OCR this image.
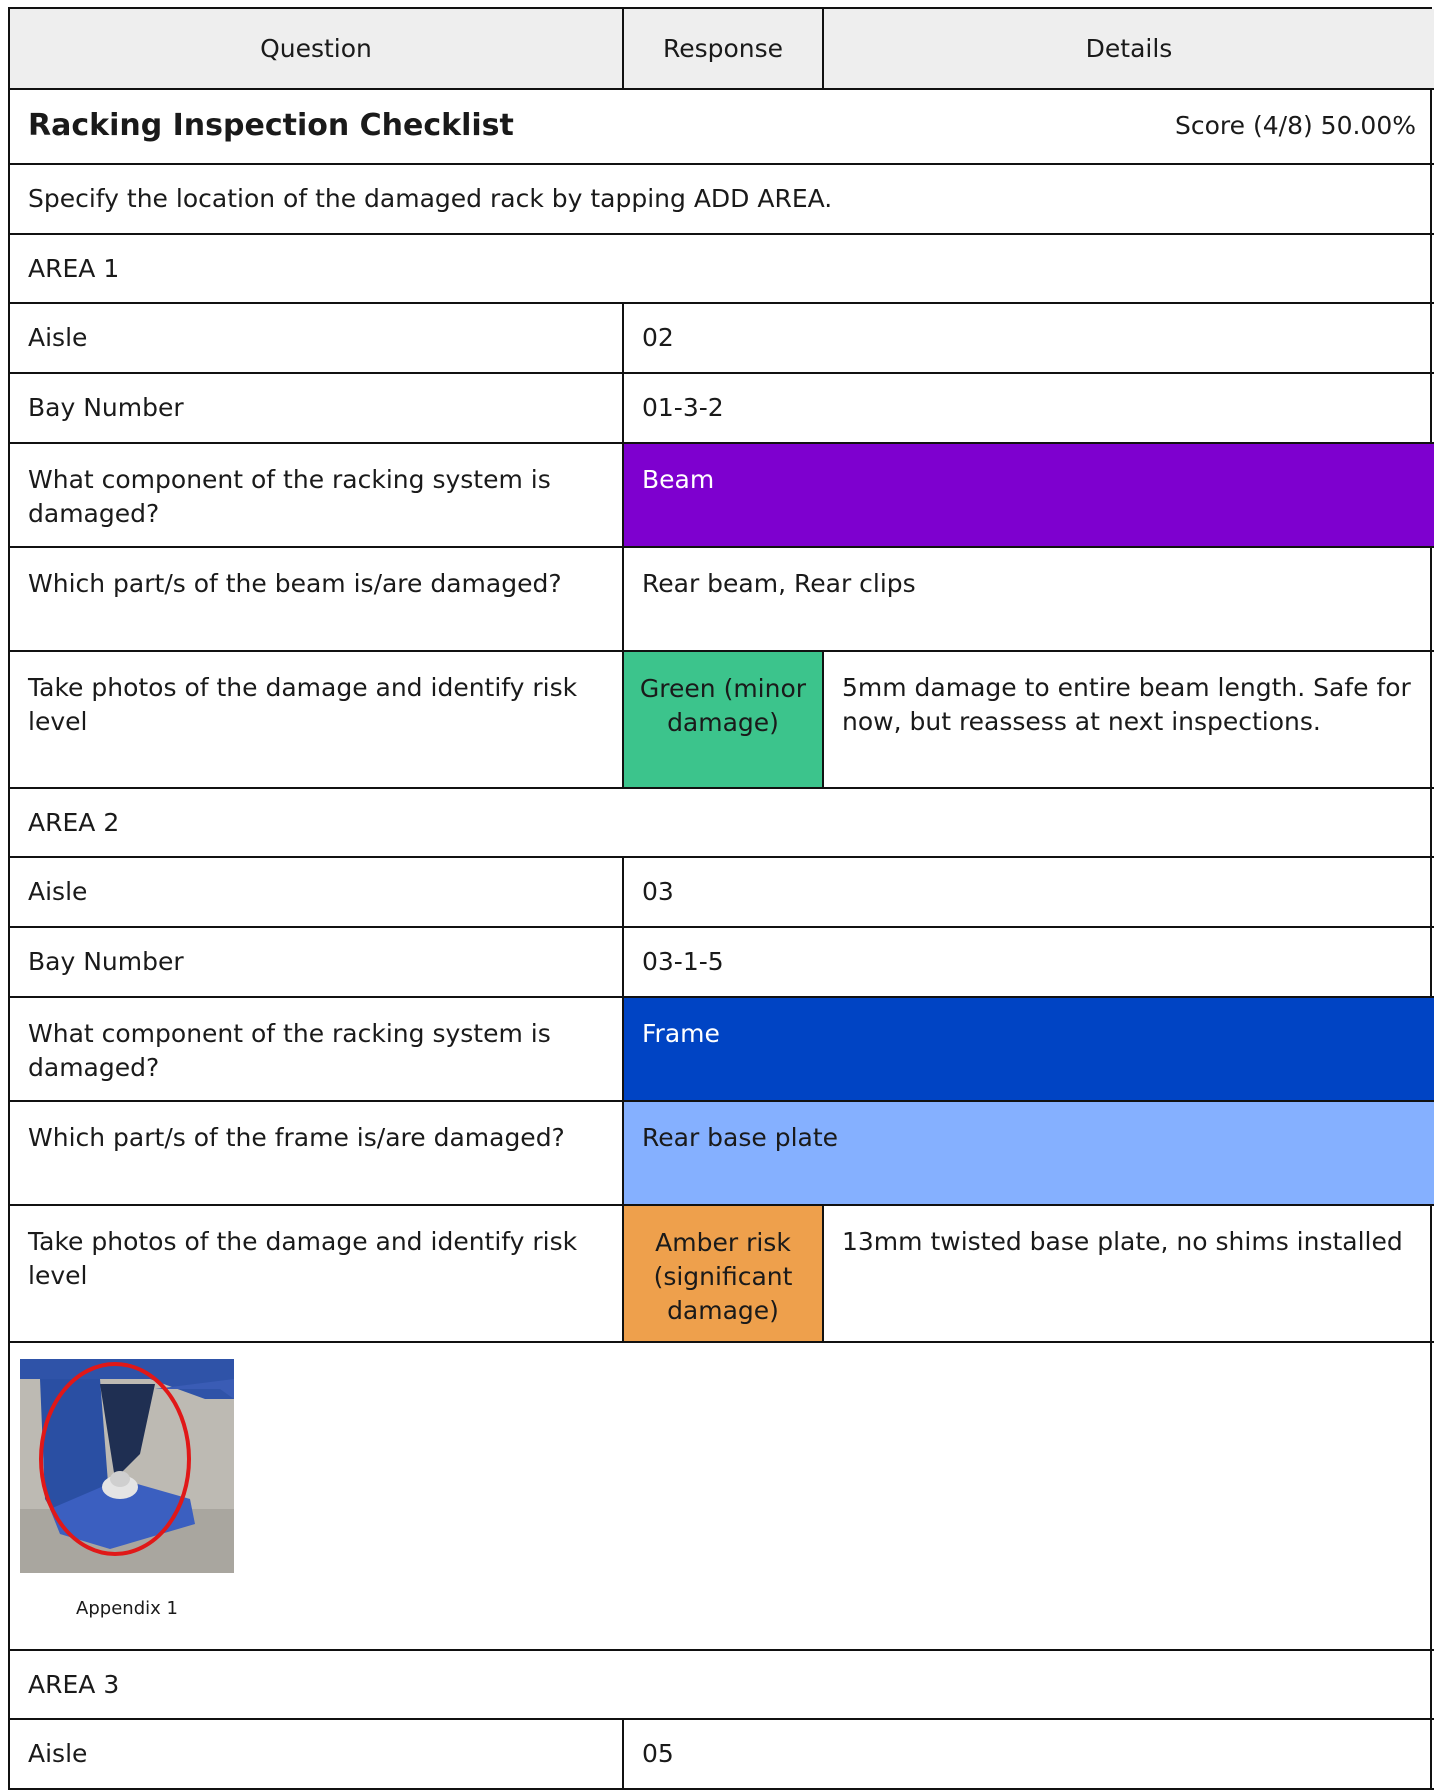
Question	Response	Details
Racking Inspection Checklist Score (4/8) 50.00%		

Specify the location of the damaged rack by tapping ADD AREA.		
AREA 1		
Aisle	02	
Bay Number	01-3-2	
What component of the racking system is damaged?	Beam	
Which part/s of the beam is/are damaged?	Rear beam, Rear clips	
Take photos of the damage and identify risk level	Green (minor damage)	5mm damage to entire beam length. Safe for now, but reassess at next inspections.
AREA 2		
Aisle	03	
Bay Number	03-1-5	
What component of the racking system is damaged?	Frame	
Which part/s of the frame is/are damaged?	Rear base plate	
Take photos of the damage and identify risk level	Amber risk (significant damage)	13mm twisted base plate, no shims installed

Appendix 1		

AREA 3		
Aisle	05	
